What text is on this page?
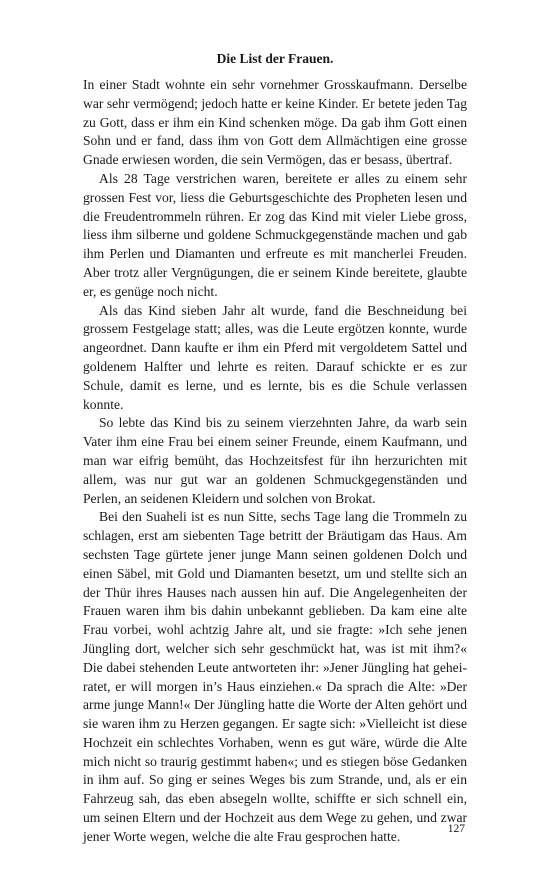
Die List der Frauen.

In einer Stadt wohnte ein sehr vornehmer Grosskaufmann. Derselbe war sehr vermögend; jedoch hatte er keine Kinder. Er betete jeden Tag zu Gott, dass er ihm ein Kind schenken möge. Da gab ihm Gott einen Sohn und er fand, dass ihm von Gott dem Allmächtigen eine grosse Gnade erwiesen worden, die sein Vermögen, das er besass, übertraf.

Als 28 Tage verstrichen waren, bereitete er alles zu einem sehr grossen Fest vor, liess die Geburtsgeschichte des Propheten lesen und die Freudentrommeln rühren. Er zog das Kind mit vieler Liebe gross, liess ihm silberne und goldene Schmuckgegenstände machen und gab ihm Perlen und Diamanten und erfreute es mit mancherlei Freuden. Aber trotz aller Vergnügungen, die er seinem Kinde bereitete, glaubte er, es genüge noch nicht.

Als das Kind sieben Jahr alt wurde, fand die Beschneidung bei grossem Festgelage statt; alles, was die Leute ergötzen konnte, wurde angeordnet. Dann kaufte er ihm ein Pferd mit vergoldetem Sattel und goldenem Halfter und lehrte es reiten. Darauf schickte er es zur Schule, damit es lerne, und es lernte, bis es die Schule verlassen konnte.

So lebte das Kind bis zu seinem vierzehnten Jahre, da warb sein Vater ihm eine Frau bei einem seiner Freunde, einem Kaufmann, und man war eifrig bemüht, das Hochzeitsfest für ihn herzurichten mit allem, was nur gut war an goldenen Schmuckgegenständen und Perlen, an seidenen Kleidern und solchen von Brokat.

Bei den Suaheli ist es nun Sitte, sechs Tage lang die Trommeln zu schlagen, erst am siebenten Tage betritt der Bräutigam das Haus. Am sechsten Tage gürtete jener junge Mann seinen goldenen Dolch und einen Säbel, mit Gold und Diamanten besetzt, um und stellte sich an der Thür ihres Hauses nach aussen hin auf. Die Angelegenheiten der Frauen waren ihm bis dahin unbekannt geblieben. Da kam eine alte Frau vorbei, wohl achtzig Jahre alt, und sie fragte: »Ich sehe jenen Jüngling dort, welcher sich sehr geschmückt hat, was ist mit ihm?« Die dabei stehenden Leute antworteten ihr: »Jener Jüngling hat geheiratet, er will morgen in’s Haus einziehen.« Da sprach die Alte: »Der arme junge Mann!« Der Jüngling hatte die Worte der Alten gehört und sie waren ihm zu Herzen gegangen. Er sagte sich: »Vielleicht ist diese Hochzeit ein schlechtes Vorhaben, wenn es gut wäre, würde die Alte mich nicht so traurig gestimmt haben«; und es stiegen böse Gedanken in ihm auf. So ging er seines Weges bis zum Strande, und, als er ein Fahrzeug sah, das eben absegeln wollte, schiffte er sich schnell ein, um seinen Eltern und der Hochzeit aus dem Wege zu gehen, und zwar jener Worte wegen, welche die alte Frau gesprochen hatte.	127
